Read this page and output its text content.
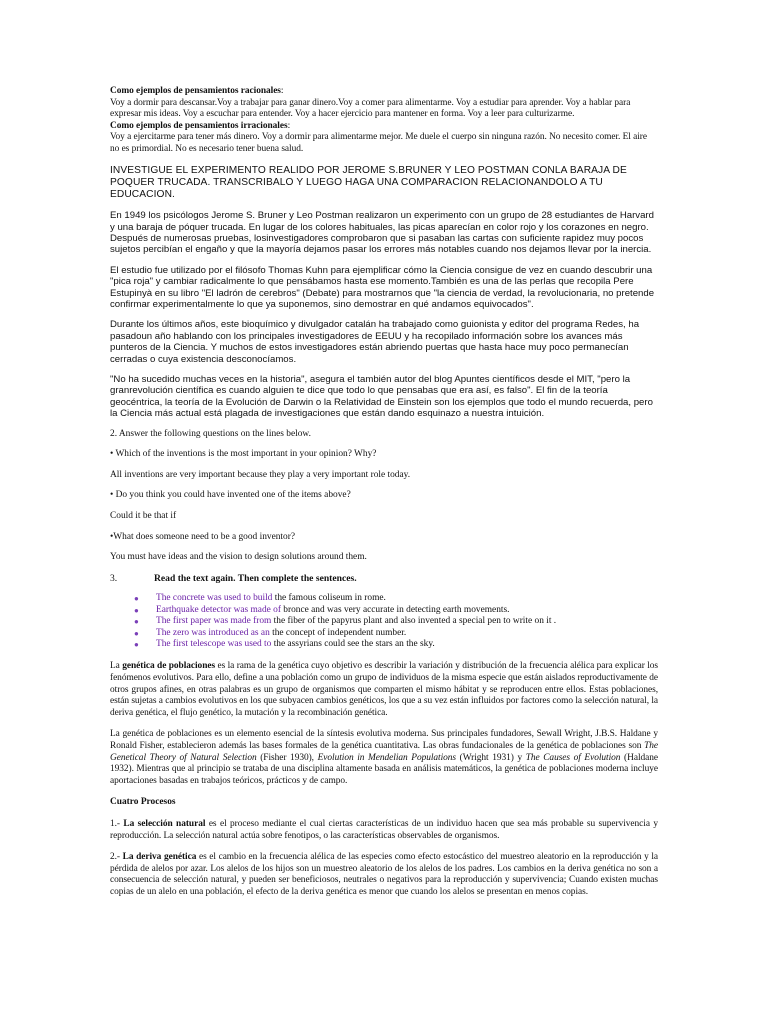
Como ejemplos de pensamientos racionales:
Voy a dormir para descansar.Voy a trabajar para ganar dinero.Voy a comer para alimentarme. Voy a estudiar para aprender. Voy a hablar para expresar mis ideas. Voy a escuchar para entender. Voy a hacer ejercicio para mantener en forma. Voy a leer para culturizarme.

Como ejemplos de pensamientos irracionales:
Voy a ejercitarme para tener más dinero. Voy a dormir para alimentarme mejor. Me duele el cuerpo sin ninguna razón. No necesito comer. El aire no es primordial. No es necesario tener buena salud.

INVESTIGUE EL EXPERIMENTO REALIDO POR JEROME S.BRUNER Y LEO POSTMAN CONLA BARAJA DE POQUER TRUCADA. TRANSCRIBALO Y LUEGO HAGA UNA COMPARACION RELACIONANDOLO A TU EDUCACION.

En 1949 los psicólogos Jerome S. Bruner y Leo Postman realizaron un experimento con un grupo de 28 estudiantes de Harvard y una baraja de póquer trucada. En lugar de los colores habituales, las picas aparecían en color rojo y los corazones en negro. Después de numerosas pruebas, losinvestigadores comprobaron que si pasaban las cartas con suficiente rapidez muy pocos sujetos percibían el engaño y que la mayoría dejamos pasar los errores más notables cuando nos dejamos llevar por la inercia.

El estudio fue utilizado por el filósofo Thomas Kuhn para ejemplificar cómo la Ciencia consigue de vez en cuando descubrir una "pica roja" y cambiar radicalmente lo que pensábamos hasta ese momento.También es una de las perlas que recopila Pere Estupinyà en su libro "El ladrón de cerebros" (Debate) para mostrarnos que "la ciencia de verdad, la revolucionaria, no pretende confirmar experimentalmente lo que ya suponemos, sino demostrar en qué andamos equivocados".

Durante los últimos años, este bioquímico y divulgador catalán ha trabajado como guionista y editor del programa Redes, ha pasadoun año hablando con los principales investigadores de EEUU y ha recopilado información sobre los avances más punteros de la Ciencia. Y muchos de estos investigadores están abriendo puertas que hasta hace muy poco permanecían cerradas o cuya existencia desconocíamos.

"No ha sucedido muchas veces en la historia", asegura el también autor del blog Apuntes científicos desde el MIT, "pero la granrevolución científica es cuando alguien te dice que todo lo que pensabas que era así, es falso". El fin de la teoría geocéntrica, la teoría de la Evolución de Darwin o la Relatividad de Einstein son los ejemplos que todo el mundo recuerda, pero la Ciencia más actual está plagada de investigaciones que están dando esquinazo a nuestra intuición.

2. Answer the following questions on the lines below.

• Which of the inventions is the most important in your opinion? Why?

All inventions are very important because they play a very important role today.

• Do you think you could have invented one of the items above?

Could it be that if

•What does someone need to be a good inventor?

You must have ideas and the vision to design solutions around them.

3.	Read the text again. Then complete the sentences.
● The concrete was used to build the famous coliseum in rome.
● Earthquake detector was made of bronce and was very accurate in detecting earth movements.
● The first paper was made from the fiber of the papyrus plant and also invented a special pen to write on it .
● The zero was introduced as an the concept of independent number.
● The first telescope was used to the assyrians could see the stars an the sky.

La genética de poblaciones es la rama de la genética cuyo objetivo es describir la variación y distribución de la frecuencia alélica para explicar los fenómenos evolutivos. Para ello, define a una población como un grupo de individuos de la misma especie que están aislados reproductivamente de otros grupos afines, en otras palabras es un grupo de organismos que comparten el mismo hábitat y se reproducen entre ellos. Estas poblaciones, están sujetas a cambios evolutivos en los que subyacen cambios genéticos, los que a su vez están influidos por factores como la selección natural, la deriva genética, el flujo genético, la mutación y la recombinación genética.

La genética de poblaciones es un elemento esencial de la síntesis evolutiva moderna. Sus principales fundadores, Sewall Wright, J.B.S. Haldane y Ronald Fisher, establecieron además las bases formales de la genética cuantitativa. Las obras fundacionales de la genética de poblaciones son The Genetical Theory of Natural Selection (Fisher 1930), Evolution in Mendelian Populations (Wright 1931) y The Causes of Evolution (Haldane 1932). Mientras que al principio se trataba de una disciplina altamente basada en análisis matemáticos, la genética de poblaciones moderna incluye aportaciones basadas en trabajos teóricos, prácticos y de campo.

Cuatro Procesos

1.- La selección natural es el proceso mediante el cual ciertas características de un individuo hacen que sea más probable su supervivencia y reproducción. La selección natural actúa sobre fenotipos, o las características observables de organismos.

2.- La deriva genética es el cambio en la frecuencia alélica de las especies como efecto estocástico del muestreo aleatorio en la reproducción y la pérdida de alelos por azar. Los alelos de los hijos son un muestreo aleatorio de los alelos de los padres. Los cambios en la deriva genética no son a consecuencia de selección natural, y pueden ser beneficiosos, neutrales o negativos para la reproducción y supervivencia; Cuando existen muchas copias de un alelo en una población, el efecto de la deriva genética es menor que cuando los alelos se presentan en menos copias.
